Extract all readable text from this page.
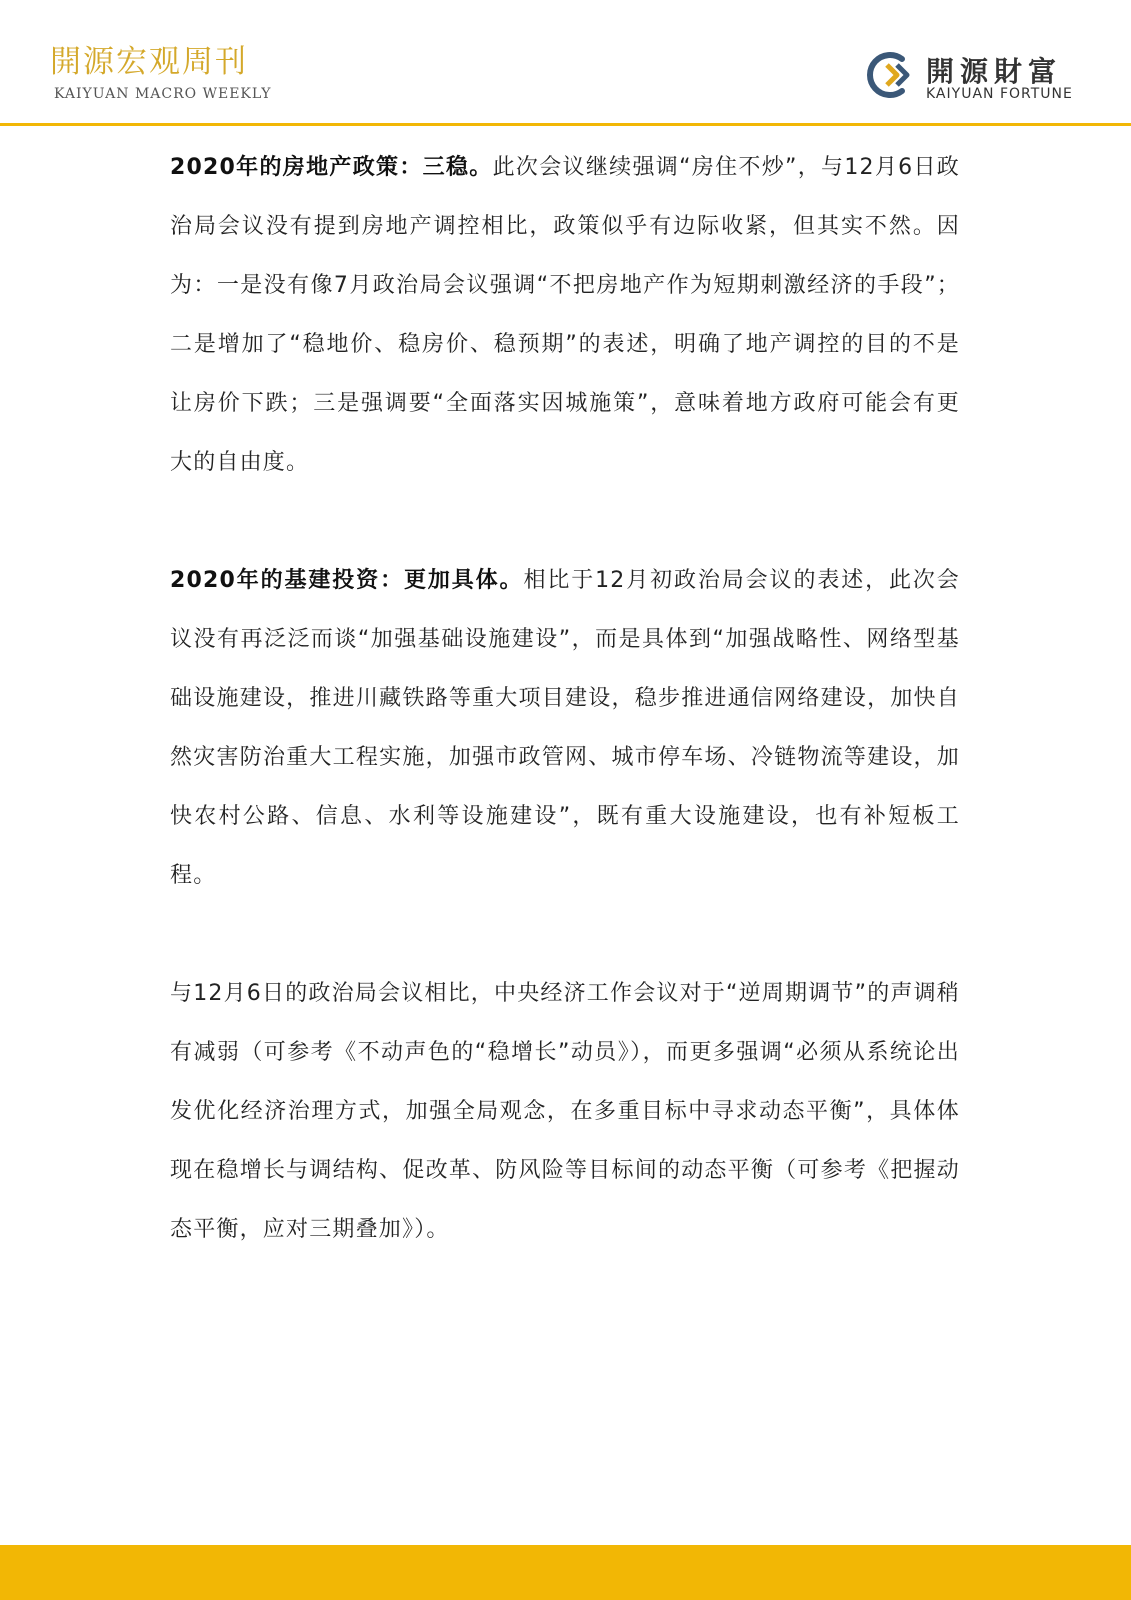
開源宏观周刊
KAIYUAN MACRO WEEKLY
開源財富
KAIYUAN FORTUNE

2020年的房地产政策：三稳。此次会议继续强调“房住不炒”，与12月6日政治局会议没有提到房地产调控相比，政策似乎有边际收紧，但其实不然。因为：一是没有像7月政治局会议强调“不把房地产作为短期刺激经济的手段”；二是增加了“稳地价、稳房价、稳预期”的表述，明确了地产调控的目的不是让房价下跌；三是强调要“全面落实因城施策”，意味着地方政府可能会有更大的自由度。

2020年的基建投资：更加具体。相比于12月初政治局会议的表述，此次会议没有再泛泛而谈“加强基础设施建设”，而是具体到“加强战略性、网络型基础设施建设，推进川藏铁路等重大项目建设，稳步推进通信网络建设，加快自然灾害防治重大工程实施，加强市政管网、城市停车场、冷链物流等建设，加快农村公路、信息、水利等设施建设”，既有重大设施建设，也有补短板工程。

与12月6日的政治局会议相比，中央经济工作会议对于“逆周期调节”的声调稍有减弱（可参考《不动声色的“稳增长”动员》），而更多强调“必须从系统论出发优化经济治理方式，加强全局观念，在多重目标中寻求动态平衡”，具体体现在稳增长与调结构、促改革、防风险等目标间的动态平衡（可参考《把握动态平衡，应对三期叠加》）。
